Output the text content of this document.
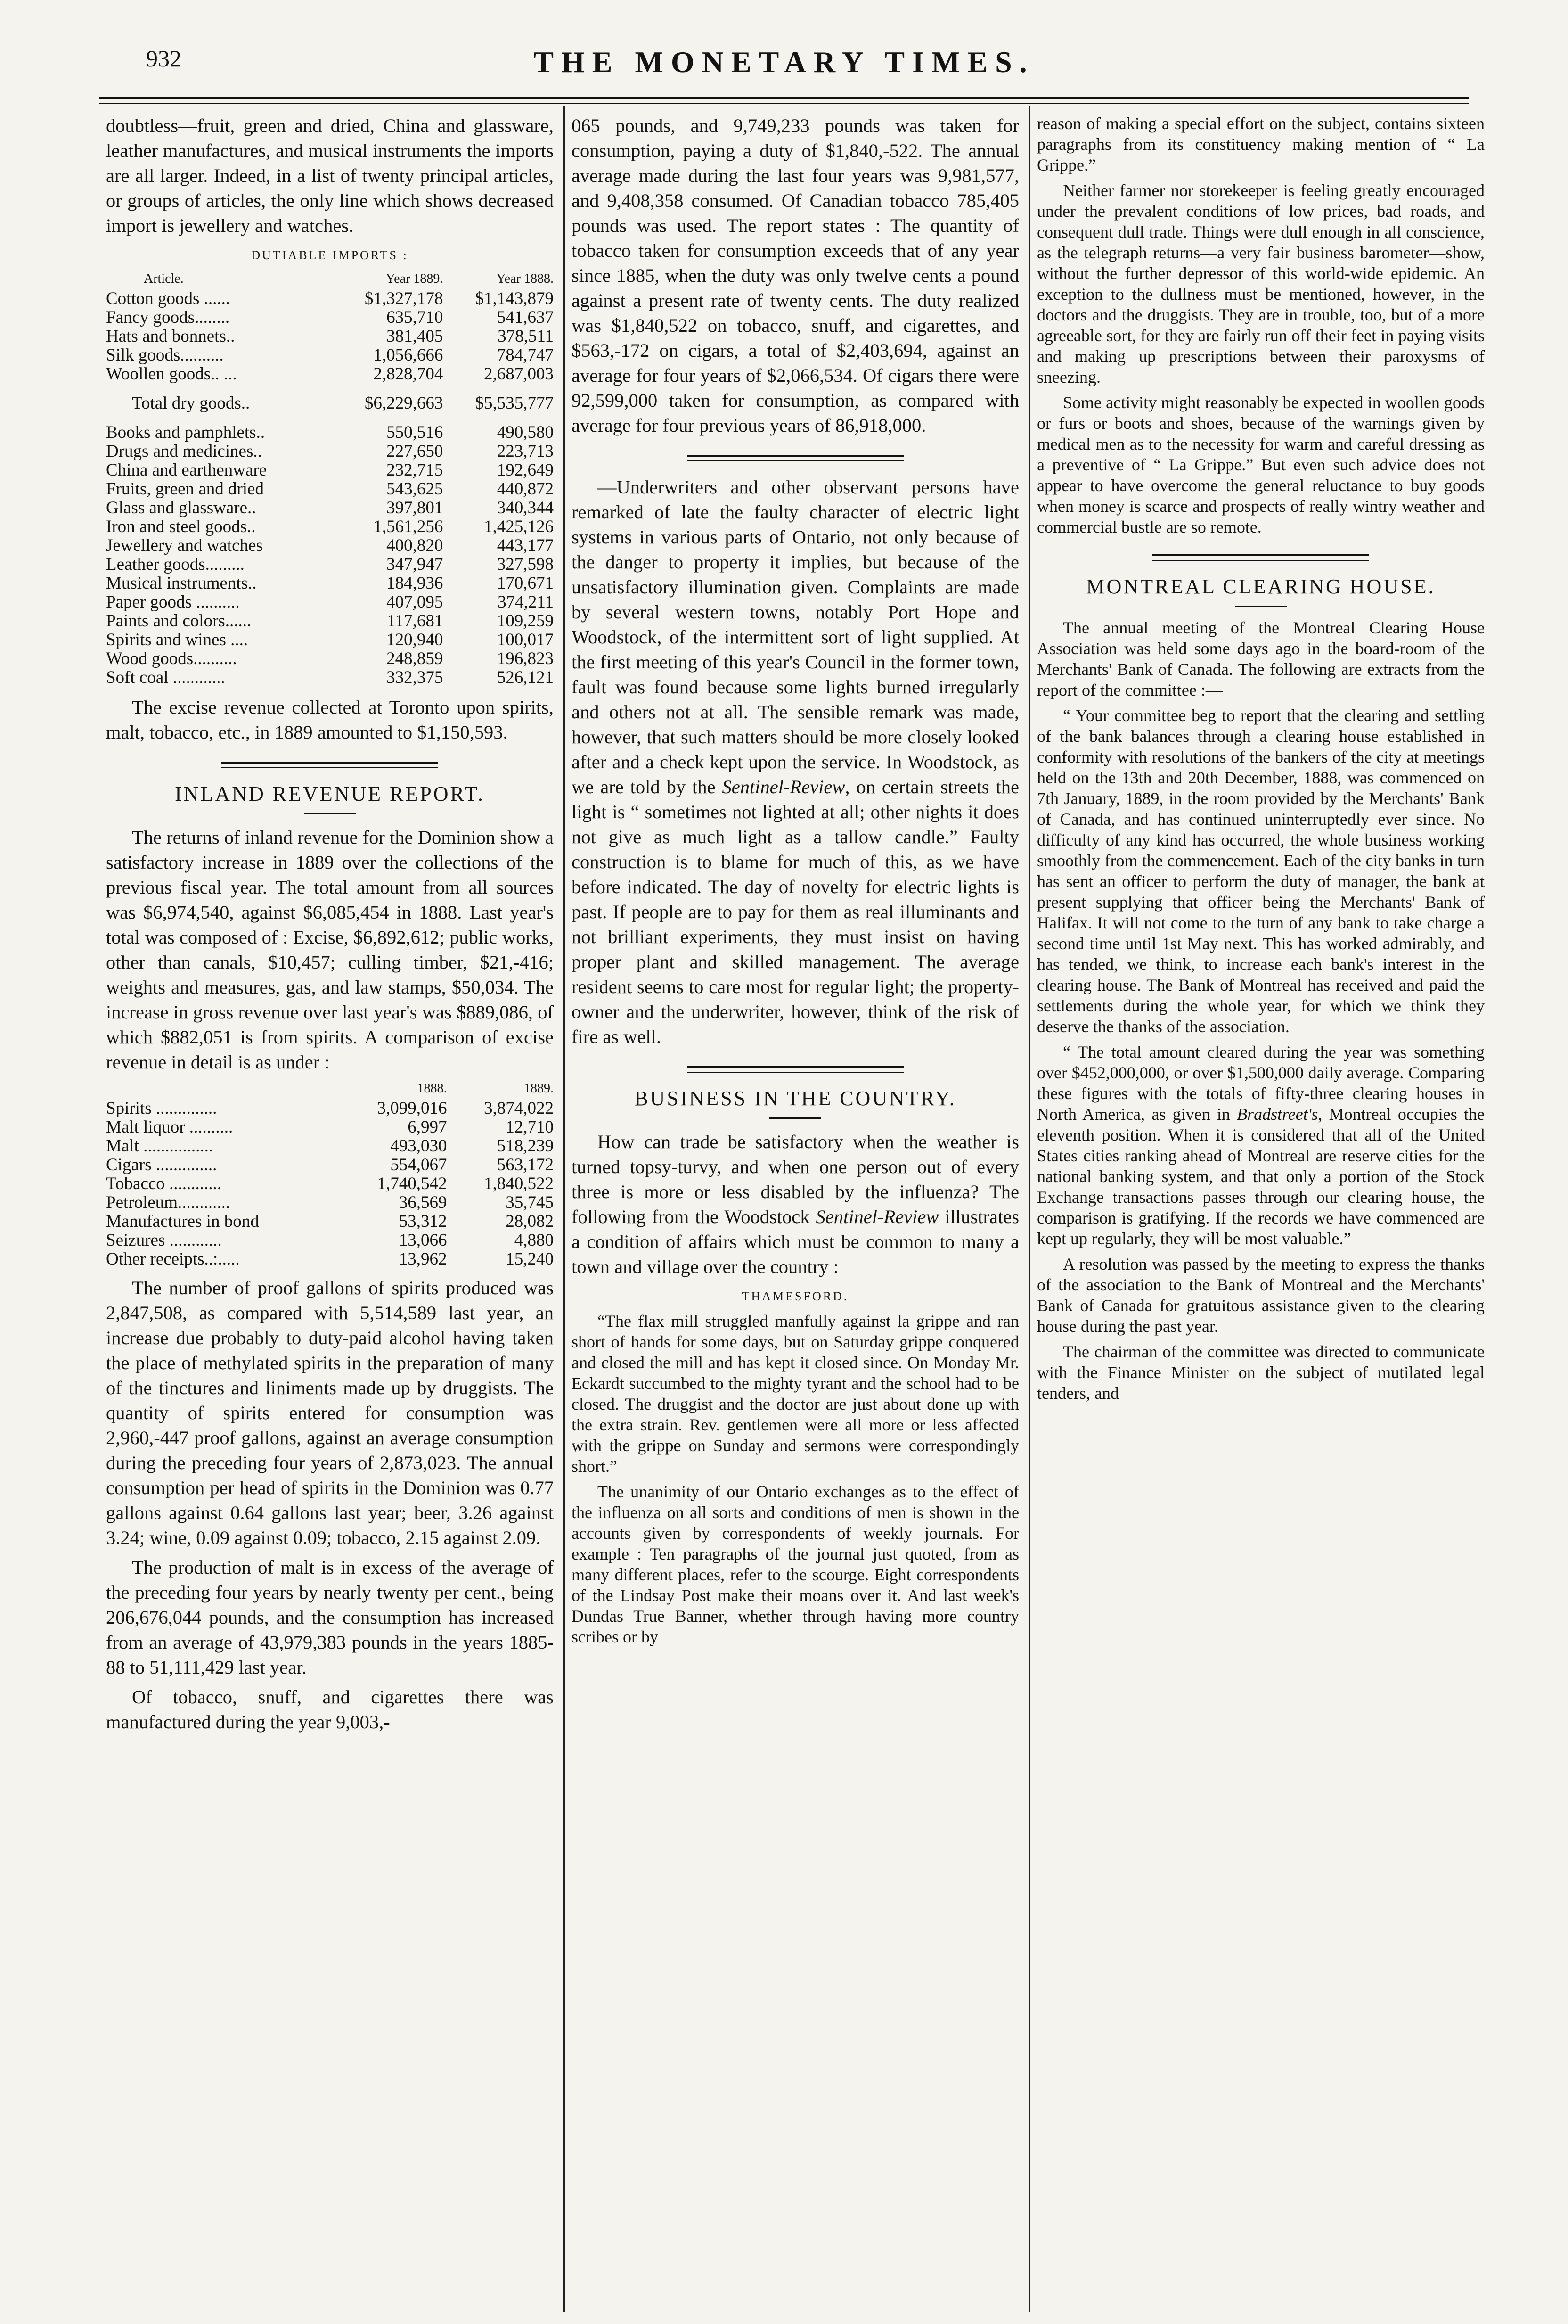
932	THE MONETARY TIMES.

doubtless—fruit, green and dried, China and glassware, leather manufactures, and musical instruments the imports are all larger. Indeed, in a list of twenty principal articles, or groups of articles, the only line which shows decreased import is jewellery and watches.

DUTIABLE IMPORTS :
Article.	Year 1889.	Year 1888.
Cotton goods ......	$1,327,178	$1,143,879
Fancy goods........	635,710	541,637
Hats and bonnets..	381,405	378,511
Silk goods..........	1,056,666	784,747
Woollen goods.. ...	2,828,704	2,687,003

Total dry goods..	$6,229,663	$5,535,777

Books and pamphlets..	550,516	490,580
Drugs and medicines..	227,650	223,713
China and earthenware	232,715	192,649
Fruits, green and dried	543,625	440,872
Glass and glassware..	397,801	340,344
Iron and steel goods..	1,561,256	1,425,126
Jewellery and watches	400,820	443,177
Leather goods.........	347,947	327,598
Musical instruments..	184,936	170,671
Paper goods ..........	407,095	374,211
Paints and colors......	117,681	109,259
Spirits and wines ....	120,940	100,017
Wood goods..........	248,859	196,823
Soft coal ............	332,375	526,121

The excise revenue collected at Toronto upon spirits, malt, tobacco, etc., in 1889 amounted to $1,150,593.

INLAND REVENUE REPORT.

The returns of inland revenue for the Dominion show a satisfactory increase in 1889 over the collections of the previous fiscal year. The total amount from all sources was $6,974,540, against $6,085,454 in 1888. Last year's total was composed of : Excise, $6,892,612; public works, other than canals, $10,457; culling timber, $21,-416; weights and measures, gas, and law stamps, $50,034. The increase in gross revenue over last year's was $889,086, of which $882,051 is from spirits. A comparison of excise revenue in detail is as under :

	1888.	1889.
Spirits ..............	3,099,016	3,874,022
Malt liquor ..........	6,997	12,710
Malt ................	493,030	518,239
Cigars ..............	554,067	563,172
Tobacco ............	1,740,542	1,840,522
Petroleum............	36,569	35,745
Manufactures in bond	53,312	28,082
Seizures ............	13,066	4,880
Other receipts..:.....	13,962	15,240

The number of proof gallons of spirits produced was 2,847,508, as compared with 5,514,589 last year, an increase due probably to duty-paid alcohol having taken the place of methylated spirits in the preparation of many of the tinctures and liniments made up by druggists. The quantity of spirits entered for consumption was 2,960,-447 proof gallons, against an average consumption during the preceding four years of 2,873,023. The annual consumption per head of spirits in the Dominion was 0.77 gallons against 0.64 gallons last year; beer, 3.26 against 3.24; wine, 0.09 against 0.09; tobacco, 2.15 against 2.09.

The production of malt is in excess of the average of the preceding four years by nearly twenty per cent., being 206,676,044 pounds, and the consumption has increased from an average of 43,979,383 pounds in the years 1885-88 to 51,111,429 last year.

Of tobacco, snuff, and cigarettes there was manufactured during the year 9,003,-

065 pounds, and 9,749,233 pounds was taken for consumption, paying a duty of $1,840,-522. The annual average made during the last four years was 9,981,577, and 9,408,358 consumed. Of Canadian tobacco 785,405 pounds was used. The report states : The quantity of tobacco taken for consumption exceeds that of any year since 1885, when the duty was only twelve cents a pound against a present rate of twenty cents. The duty realized was $1,840,522 on tobacco, snuff, and cigarettes, and $563,-172 on cigars, a total of $2,403,694, against an average for four years of $2,066,534. Of cigars there were 92,599,000 taken for consumption, as compared with average for four previous years of 86,918,000.

—Underwriters and other observant persons have remarked of late the faulty character of electric light systems in various parts of Ontario, not only because of the danger to property it implies, but because of the unsatisfactory illumination given. Complaints are made by several western towns, notably Port Hope and Woodstock, of the intermittent sort of light supplied. At the first meeting of this year's Council in the former town, fault was found because some lights burned irregularly and others not at all. The sensible remark was made, however, that such matters should be more closely looked after and a check kept upon the service. In Woodstock, as we are told by the Sentinel-Review, on certain streets the light is “ sometimes not lighted at all; other nights it does not give as much light as a tallow candle.” Faulty construction is to blame for much of this, as we have before indicated. The day of novelty for electric lights is past. If people are to pay for them as real illuminants and not brilliant experiments, they must insist on having proper plant and skilled management. The average resident seems to care most for regular light; the property-owner and the underwriter, however, think of the risk of fire as well.

BUSINESS IN THE COUNTRY.

How can trade be satisfactory when the weather is turned topsy-turvy, and when one person out of every three is more or less disabled by the influenza? The following from the Woodstock Sentinel-Review illustrates a condition of affairs which must be common to many a town and village over the country :

THAMESFORD.

“The flax mill struggled manfully against la grippe and ran short of hands for some days, but on Saturday grippe conquered and closed the mill and has kept it closed since. On Monday Mr. Eckardt succumbed to the mighty tyrant and the school had to be closed. The druggist and the doctor are just about done up with the extra strain. Rev. gentlemen were all more or less affected with the grippe on Sunday and sermons were correspondingly short.”

The unanimity of our Ontario exchanges as to the effect of the influenza on all sorts and conditions of men is shown in the accounts given by correspondents of weekly journals. For example : Ten paragraphs of the journal just quoted, from as many different places, refer to the scourge. Eight correspondents of the Lindsay Post make their moans over it. And last week's Dundas True Banner, whether through having more country scribes or by

reason of making a special effort on the subject, contains sixteen paragraphs from its constituency making mention of “ La Grippe.”

Neither farmer nor storekeeper is feeling greatly encouraged under the prevalent conditions of low prices, bad roads, and consequent dull trade. Things were dull enough in all conscience, as the telegraph returns—a very fair business barometer—show, without the further depressor of this world-wide epidemic. An exception to the dullness must be mentioned, however, in the doctors and the druggists. They are in trouble, too, but of a more agreeable sort, for they are fairly run off their feet in paying visits and making up prescriptions between their paroxysms of sneezing.

Some activity might reasonably be expected in woollen goods or furs or boots and shoes, because of the warnings given by medical men as to the necessity for warm and careful dressing as a preventive of “ La Grippe.” But even such advice does not appear to have overcome the general reluctance to buy goods when money is scarce and prospects of really wintry weather and commercial bustle are so remote.

MONTREAL CLEARING HOUSE.

The annual meeting of the Montreal Clearing House Association was held some days ago in the board-room of the Merchants' Bank of Canada. The following are extracts from the report of the committee :—

“ Your committee beg to report that the clearing and settling of the bank balances through a clearing house established in conformity with resolutions of the bankers of the city at meetings held on the 13th and 20th December, 1888, was commenced on 7th January, 1889, in the room provided by the Merchants' Bank of Canada, and has continued uninterruptedly ever since. No difficulty of any kind has occurred, the whole business working smoothly from the commencement. Each of the city banks in turn has sent an officer to perform the duty of manager, the bank at present supplying that officer being the Merchants' Bank of Halifax. It will not come to the turn of any bank to take charge a second time until 1st May next. This has worked admirably, and has tended, we think, to increase each bank's interest in the clearing house. The Bank of Montreal has received and paid the settlements during the whole year, for which we think they deserve the thanks of the association.

“ The total amount cleared during the year was something over $452,000,000, or over $1,500,000 daily average. Comparing these figures with the totals of fifty-three clearing houses in North America, as given in Bradstreet's, Montreal occupies the eleventh position. When it is considered that all of the United States cities ranking ahead of Montreal are reserve cities for the national banking system, and that only a portion of the Stock Exchange transactions passes through our clearing house, the comparison is gratifying. If the records we have commenced are kept up regularly, they will be most valuable.”

A resolution was passed by the meeting to express the thanks of the association to the Bank of Montreal and the Merchants' Bank of Canada for gratuitous assistance given to the clearing house during the past year.

The chairman of the committee was directed to communicate with the Finance Minister on the subject of mutilated legal tenders, and
